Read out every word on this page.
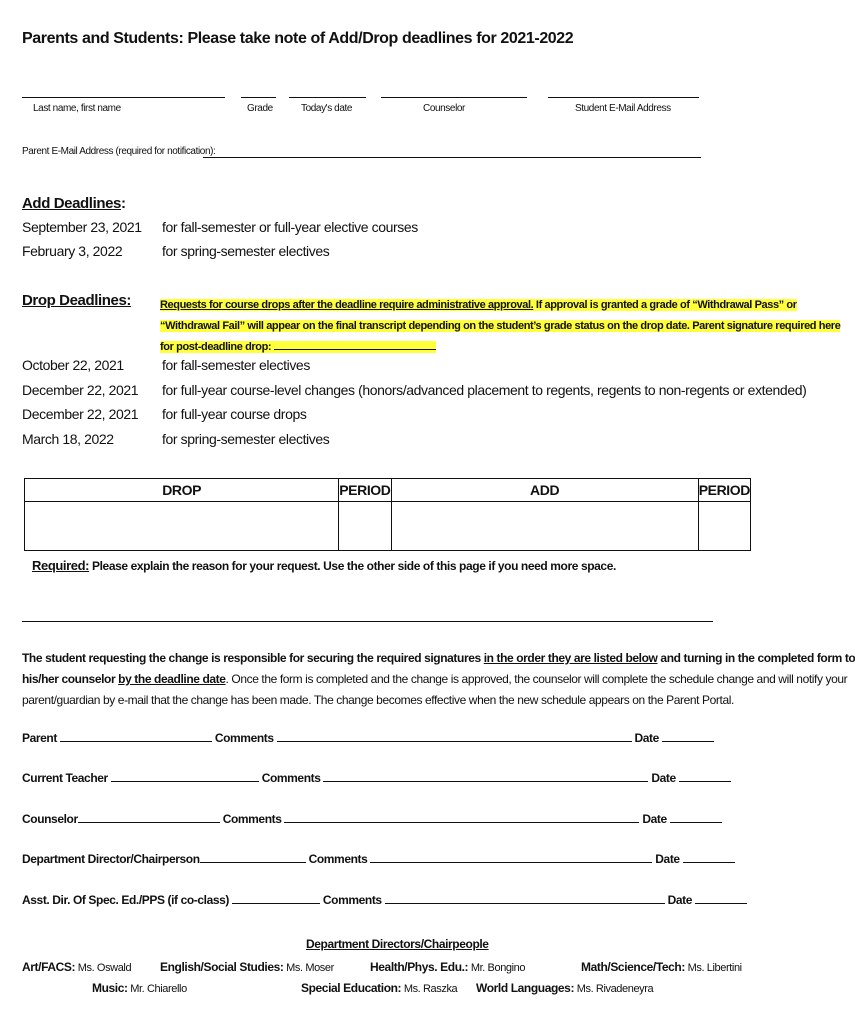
Parents and Students: Please take note of Add/Drop deadlines for 2021-2022
Last name, first name	Grade	Today's date	Counselor	Student E-Mail Address
Parent E-Mail Address (required for notification):
Add Deadlines:
September 23, 2021 for fall-semester or full-year elective courses
February 3, 2022	for spring-semester electives
Drop Deadlines:	Requests for course drops after the deadline require administrative approval. If approval is granted a grade of “Withdrawal Pass” or
“Withdrawal Fail” will appear on the final transcript depending on the student’s grade status on the drop date. Parent signature required here
for post-deadline drop:
October 22, 2021	for fall-semester electives
December 22, 2021 for full-year course-level changes (honors/advanced placement to regents, regents to non-regents or extended)
December 22, 2021 for full-year course drops
March 18, 2022	for spring-semester electives
DROP	PERIOD	ADD	PERIOD

Required: Please explain the reason for your request. Use the other side of this page if you need more space.
The student requesting the change is responsible for securing the required signatures in the order they are listed below and turning in the completed form to
his/her counselor by the deadline date. Once the form is completed and the change is approved, the counselor will complete the schedule change and will notify your
parent/guardian by e-mail that the change has been made. The change becomes effective when the new schedule appears on the Parent Portal.
Parent	Comments	Date
Current Teacher	Comments	Date
Counselor	Comments	Date
Department Director/Chairperson	Comments	Date
Asst. Dir. Of Spec. Ed./PPS (if co-class)	Comments	Date
Department Directors/Chairpeople
Art/FACS: Ms. Oswald English/Social Studies: Ms. Moser	Health/Phys. Edu.: Mr. Bongino	Math/Science/Tech: Ms. Libertini
Music: Mr. Chiarello	Special Education: Ms. Raszka World Languages: Ms. Rivadeneyra
